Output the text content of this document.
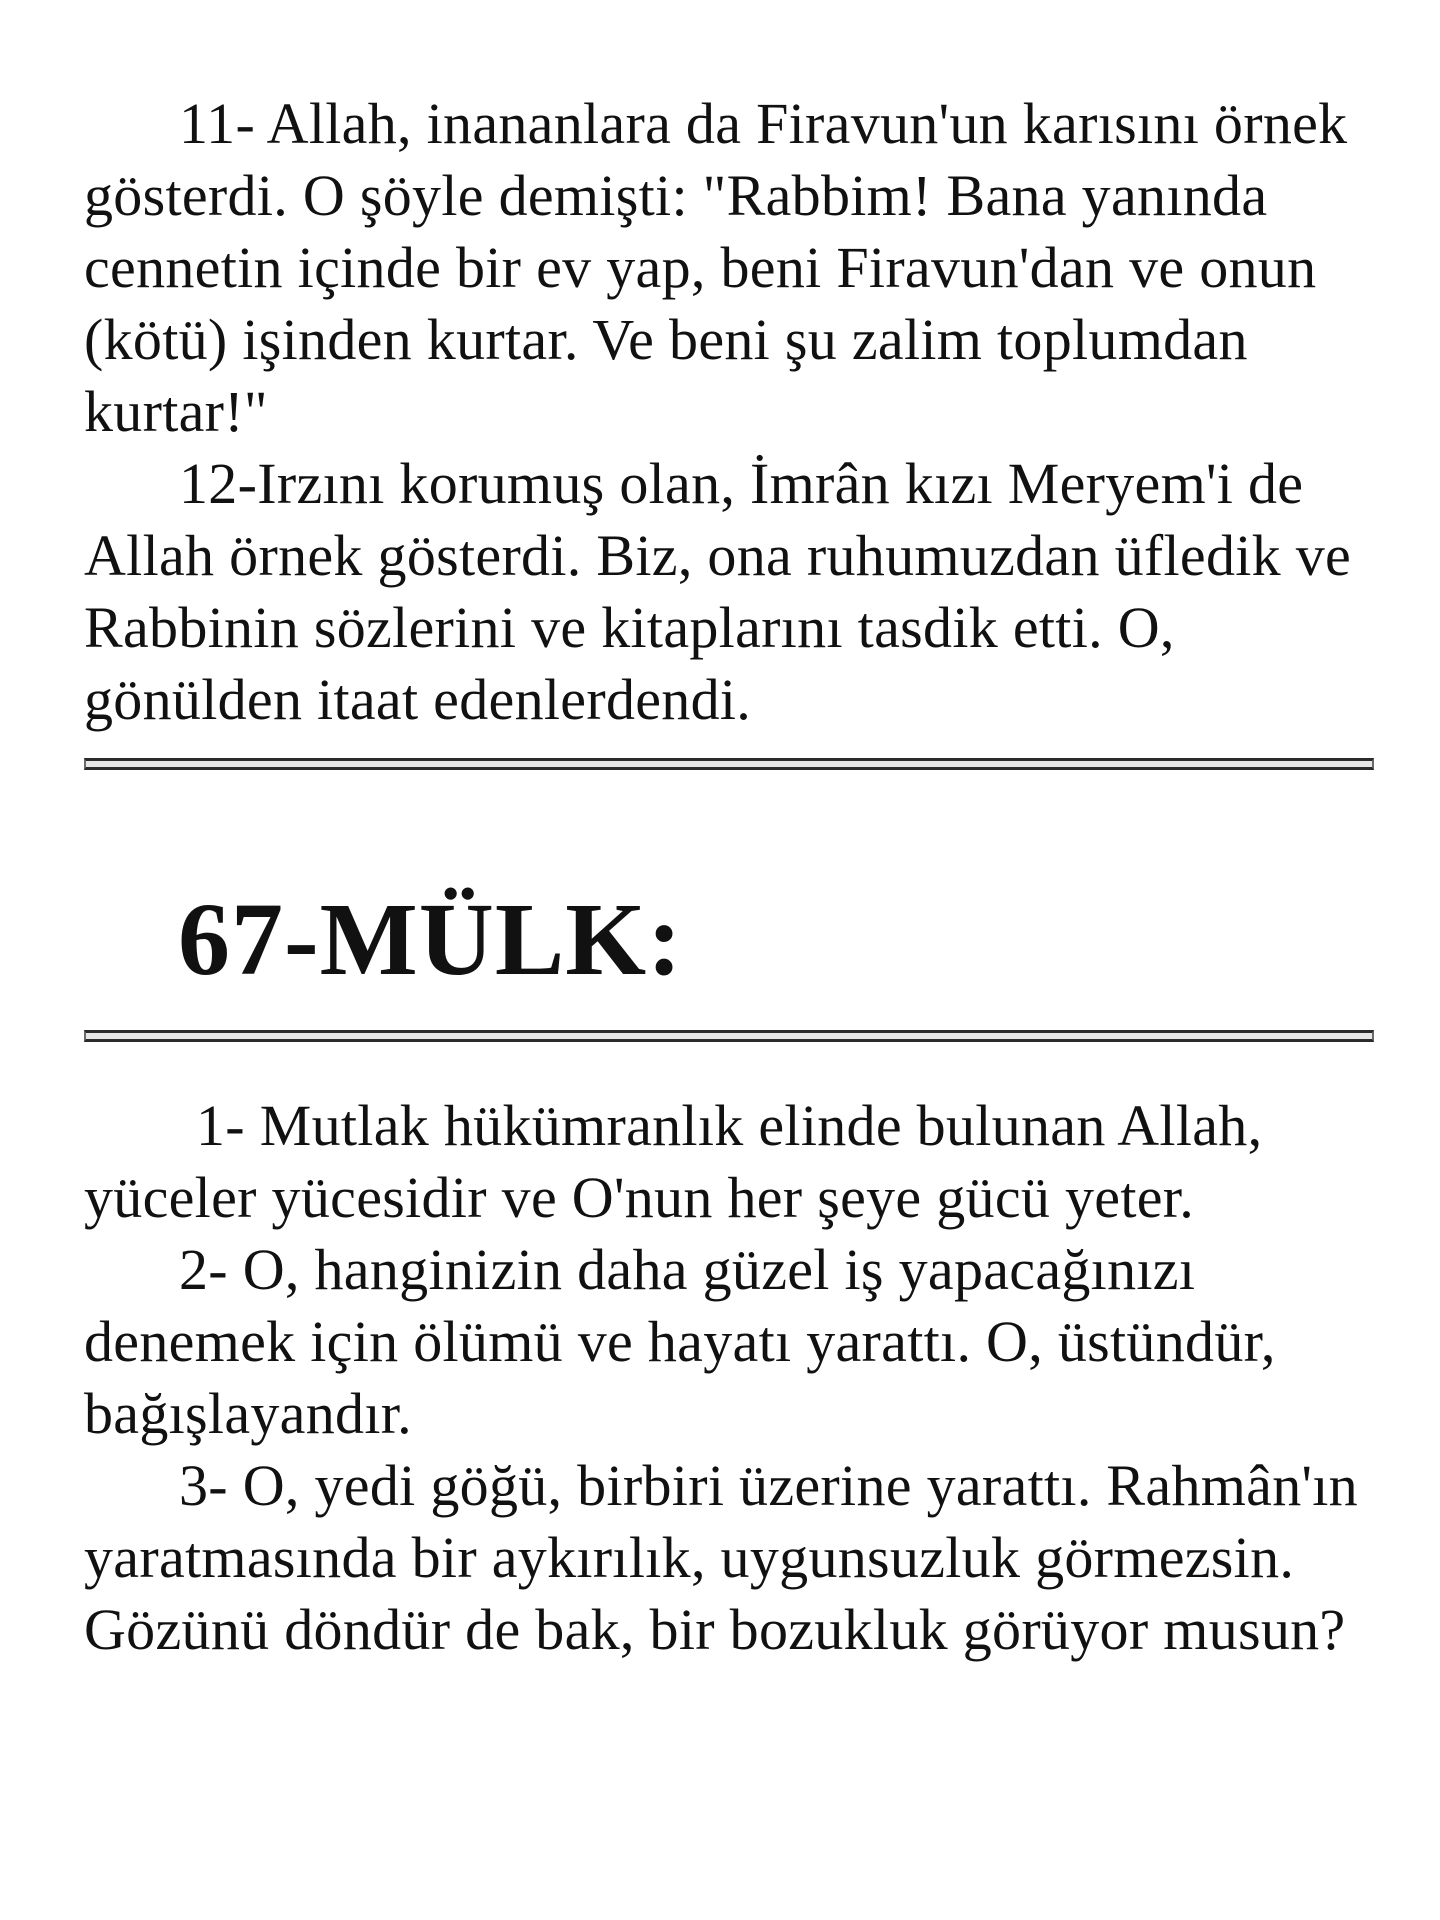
11- Allah, inananlara da Firavun'un karısını örnek gösterdi. O şöyle demişti: "Rabbim! Bana yanında cennetin içinde bir ev yap, beni Firavun'dan ve onun (kötü) işinden kurtar. Ve beni şu zalim toplumdan kurtar!"

12-Irzını korumuş olan, İmrân kızı Meryem'i de Allah örnek gösterdi. Biz, ona ruhumuzdan üfledik ve Rabbinin sözlerini ve kitaplarını tasdik etti. O, gönülden itaat edenlerdendi.

67-MÜLK:

1- Mutlak hükümranlık elinde bulunan Allah, yüceler yücesidir ve O'nun her şeye gücü yeter.

2- O, hanginizin daha güzel iş yapacağınızı denemek için ölümü ve hayatı yarattı. O, üstündür, bağışlayandır.

3- O, yedi göğü, birbiri üzerine yarattı. Rahmân'ın yaratmasında bir aykırılık, uygunsuzluk görmezsin. Gözünü döndür de bak, bir bozukluk görüyor musun?
